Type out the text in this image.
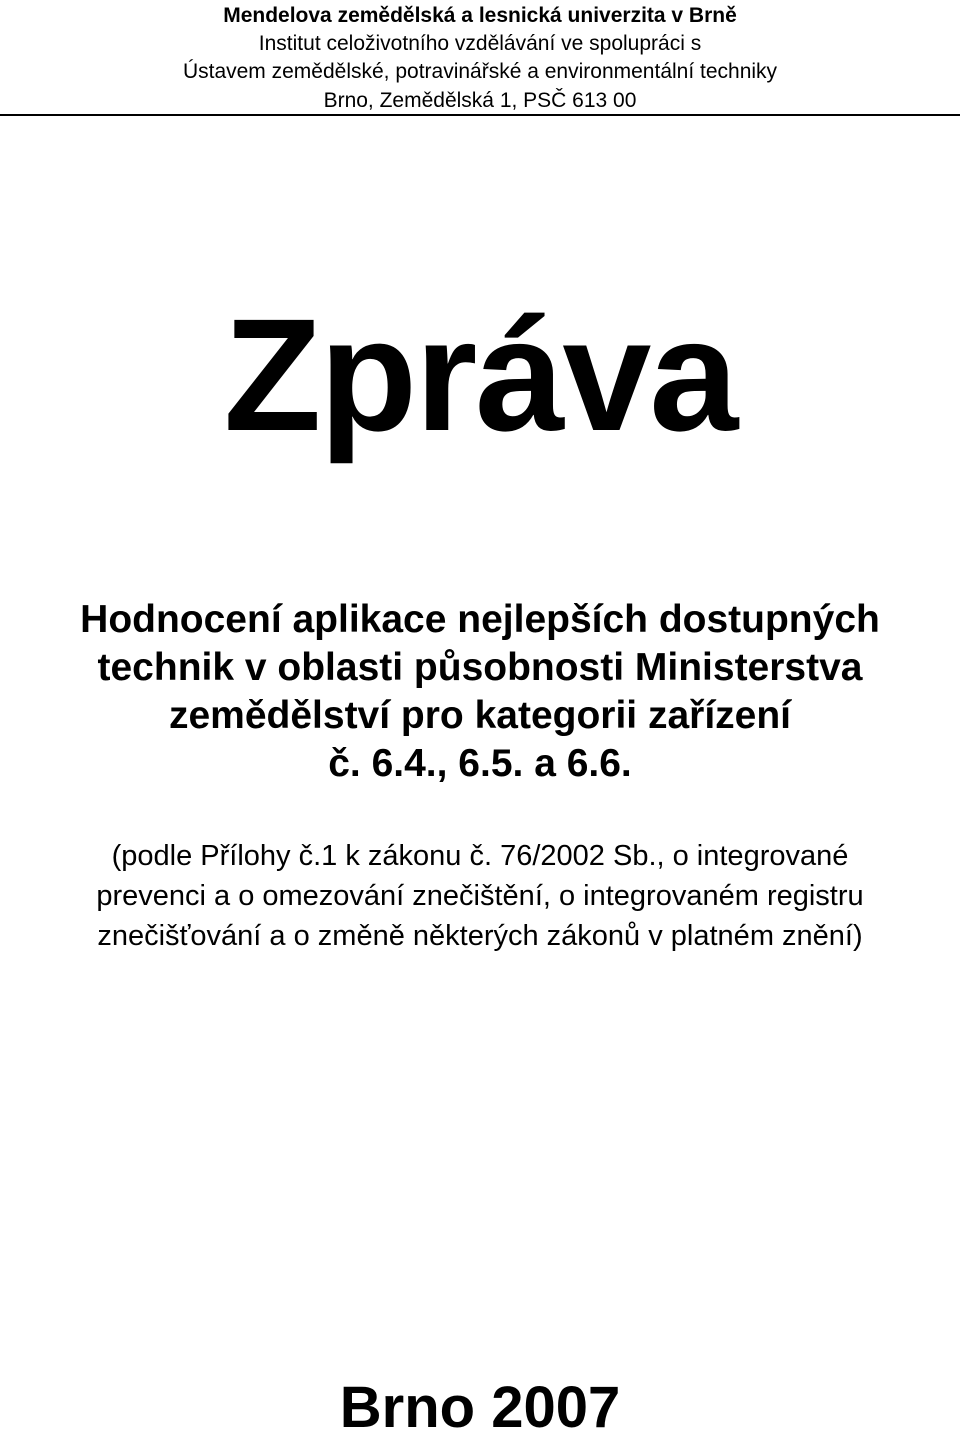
Mendelova zemědělská a lesnická univerzita v Brně
Institut celoživotního vzdělávání ve spolupráci s
Ústavem zemědělské, potravinářské a environmentální techniky
Brno, Zemědělská 1, PSČ 613 00
Zpráva
Hodnocení aplikace nejlepších dostupných
technik v oblasti působnosti Ministerstva
zemědělství pro kategorii zařízení
č. 6.4., 6.5. a 6.6.
(podle Přílohy č.1 k zákonu č. 76/2002 Sb., o integrované
prevenci a o omezování znečištění, o integrovaném registru
znečišťování a o změně některých zákonů v platném znění)
Brno 2007
